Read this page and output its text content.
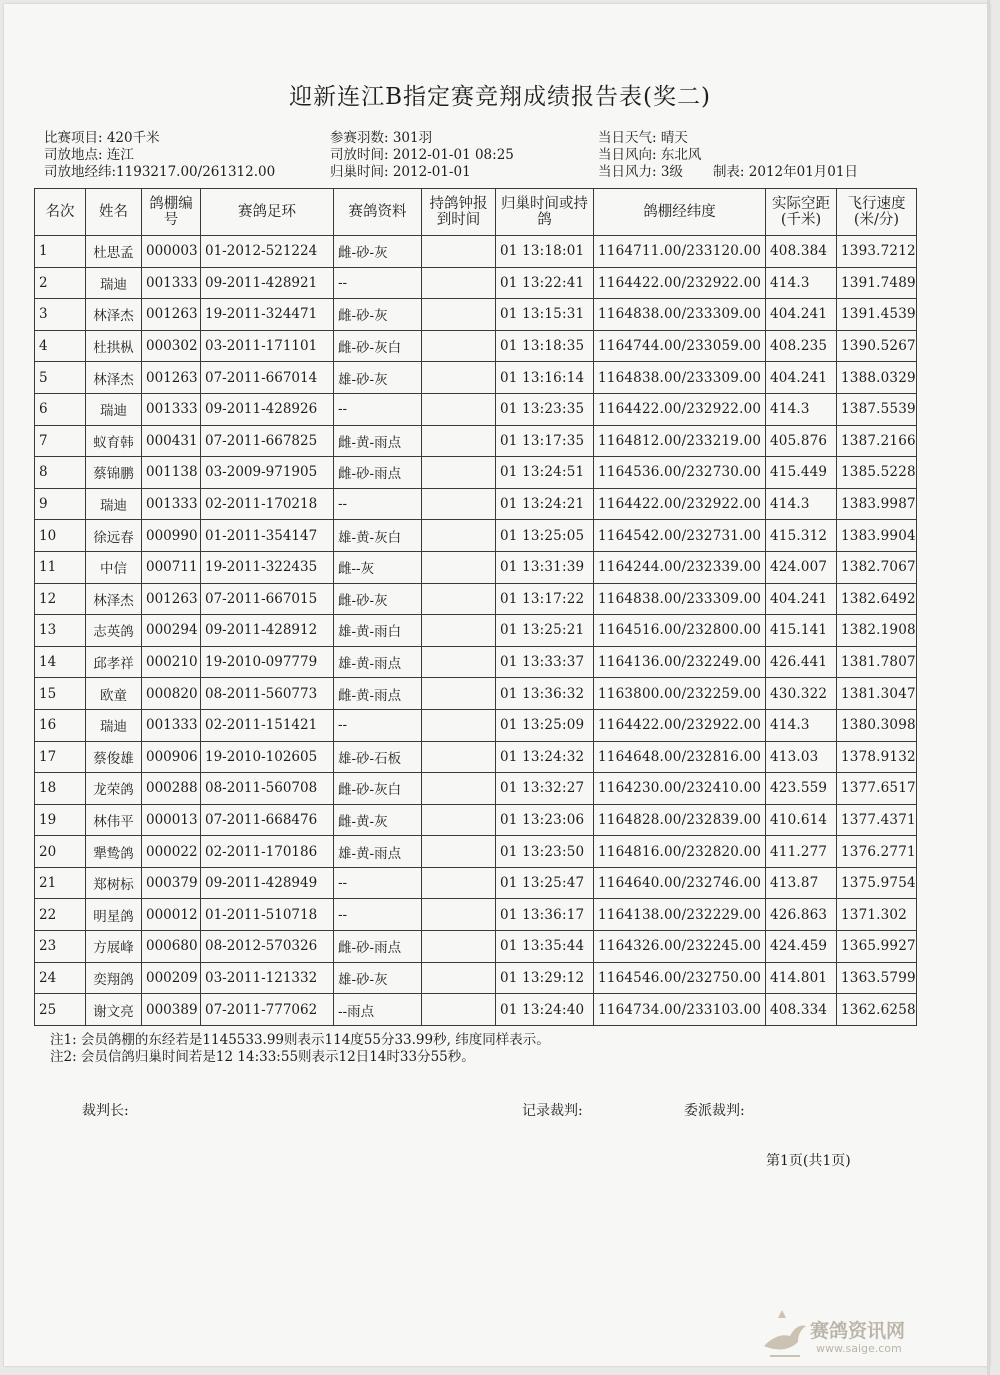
迎新连江B指定赛竞翔成绩报告表(奖二)
比赛项目: 420千米
司放地点: 连江
司放地经纬:1193217.00/261312.00
参赛羽数: 301羽
司放时间: 2012-01-01 08:25
归巢时间: 2012-01-01
当日天气: 晴天
当日风向: 东北风
当日风力: 3级 制表: 2012年01月01日
名次	姓名	鸽棚编号	赛鸽足环	赛鸽资料	持鸽钟报到时间	归巢时间或持鸽	鸽棚经纬度	实际空距(千米)	飞行速度(米/分)
1	杜思孟	000003	01-2012-521224	雌-砂-灰		01 13:18:01	1164711.00/233120.00	408.384	1393.7212
2	瑞迪	001333	09-2011-428921	--		01 13:22:41	1164422.00/232922.00	414.3	1391.7489
3	林泽杰	001263	19-2011-324471	雌-砂-灰		01 13:15:31	1164838.00/233309.00	404.241	1391.4539
4	杜拱枞	000302	03-2011-171101	雌-砂-灰白		01 13:18:35	1164744.00/233059.00	408.235	1390.5267
5	林泽杰	001263	07-2011-667014	雄-砂-灰		01 13:16:14	1164838.00/233309.00	404.241	1388.0329
6	瑞迪	001333	09-2011-428926	--		01 13:23:35	1164422.00/232922.00	414.3	1387.5539
7	蚁育韩	000431	07-2011-667825	雌-黄-雨点		01 13:17:35	1164812.00/233219.00	405.876	1387.2166
8	蔡锦鹏	001138	03-2009-971905	雌-砂-雨点		01 13:24:51	1164536.00/232730.00	415.449	1385.5228
9	瑞迪	001333	02-2011-170218	--		01 13:24:21	1164422.00/232922.00	414.3	1383.9987
10	徐远春	000990	01-2011-354147	雄-黄-灰白		01 13:25:05	1164542.00/232731.00	415.312	1383.9904
11	中信	000711	19-2011-322435	雌--灰		01 13:31:39	1164244.00/232339.00	424.007	1382.7067
12	林泽杰	001263	07-2011-667015	雌-砂-灰		01 13:17:22	1164838.00/233309.00	404.241	1382.6492
13	志英鸽	000294	09-2011-428912	雄-黄-雨白		01 13:25:21	1164516.00/232800.00	415.141	1382.1908
14	邱孝祥	000210	19-2010-097779	雄-黄-雨点		01 13:33:37	1164136.00/232249.00	426.441	1381.7807
15	欧童	000820	08-2011-560773	雌-黄-雨点		01 13:36:32	1163800.00/232259.00	430.322	1381.3047
16	瑞迪	001333	02-2011-151421	--		01 13:25:09	1164422.00/232922.00	414.3	1380.3098
17	蔡俊雄	000906	19-2010-102605	雄-砂-石板		01 13:24:32	1164648.00/232816.00	413.03	1378.9132
18	龙荣鸽	000288	08-2011-560708	雌-砂-灰白		01 13:32:27	1164230.00/232410.00	423.559	1377.6517
19	林伟平	000013	07-2011-668476	雌-黄-灰		01 13:23:06	1164828.00/232839.00	410.614	1377.4371
20	犟鸷鸽	000022	02-2011-170186	雄-黄-雨点		01 13:23:50	1164816.00/232820.00	411.277	1376.2771
21	郑树标	000379	09-2011-428949	--		01 13:25:47	1164640.00/232746.00	413.87	1375.9754
22	明星鸽	000012	01-2011-510718	--		01 13:36:17	1164138.00/232229.00	426.863	1371.302
23	方展峰	000680	08-2012-570326	雌-砂-雨点		01 13:35:44	1164326.00/232245.00	424.459	1365.9927
24	奕翔鸽	000209	03-2011-121332	雄-砂-灰		01 13:29:12	1164546.00/232750.00	414.801	1363.5799
25	谢文亮	000389	07-2011-777062	--雨点		01 13:24:40	1164734.00/233103.00	408.334	1362.6258
注1: 会员鸽棚的东经若是1145533.99则表示114度55分33.99秒, 纬度同样表示。
注2: 会员信鸽归巢时间若是12 14:33:55则表示12日14时33分55秒。
裁判长:	记录裁判:	委派裁判:
第1页(共1页)
赛鸽资讯网
www.saige.com
